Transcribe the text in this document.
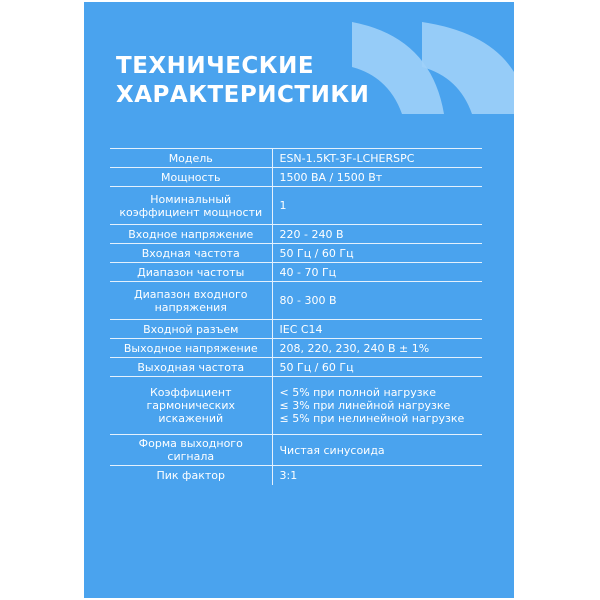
ТЕХНИЧЕСКИЕ
ХАРАКТЕРИСТИКИ
Модель	ESN-1.5KT-3F-LCHERSPC

Мощность	1500 ВА / 1500 Вт

Номинальный коэффициент мощности	1

Входное напряжение	220 - 240 В

Входная частота	50 Гц / 60 Гц

Диапазон частоты	40 - 70 Гц

Диапазон входного напряжения	80 - 300 В

Входной разъем	IEC C14

Выходное напряжение	208, 220, 230, 240 В ± 1%

Выходная частота	50 Гц / 60 Гц

Коэффициент гармонических искажений	< 5% при полной нагрузке
≤ 3% при линейной нагрузке
≤ 5% при нелинейной нагрузке

Форма выходного сигнала	Чистая синусоида

Пик фактор	3:1
